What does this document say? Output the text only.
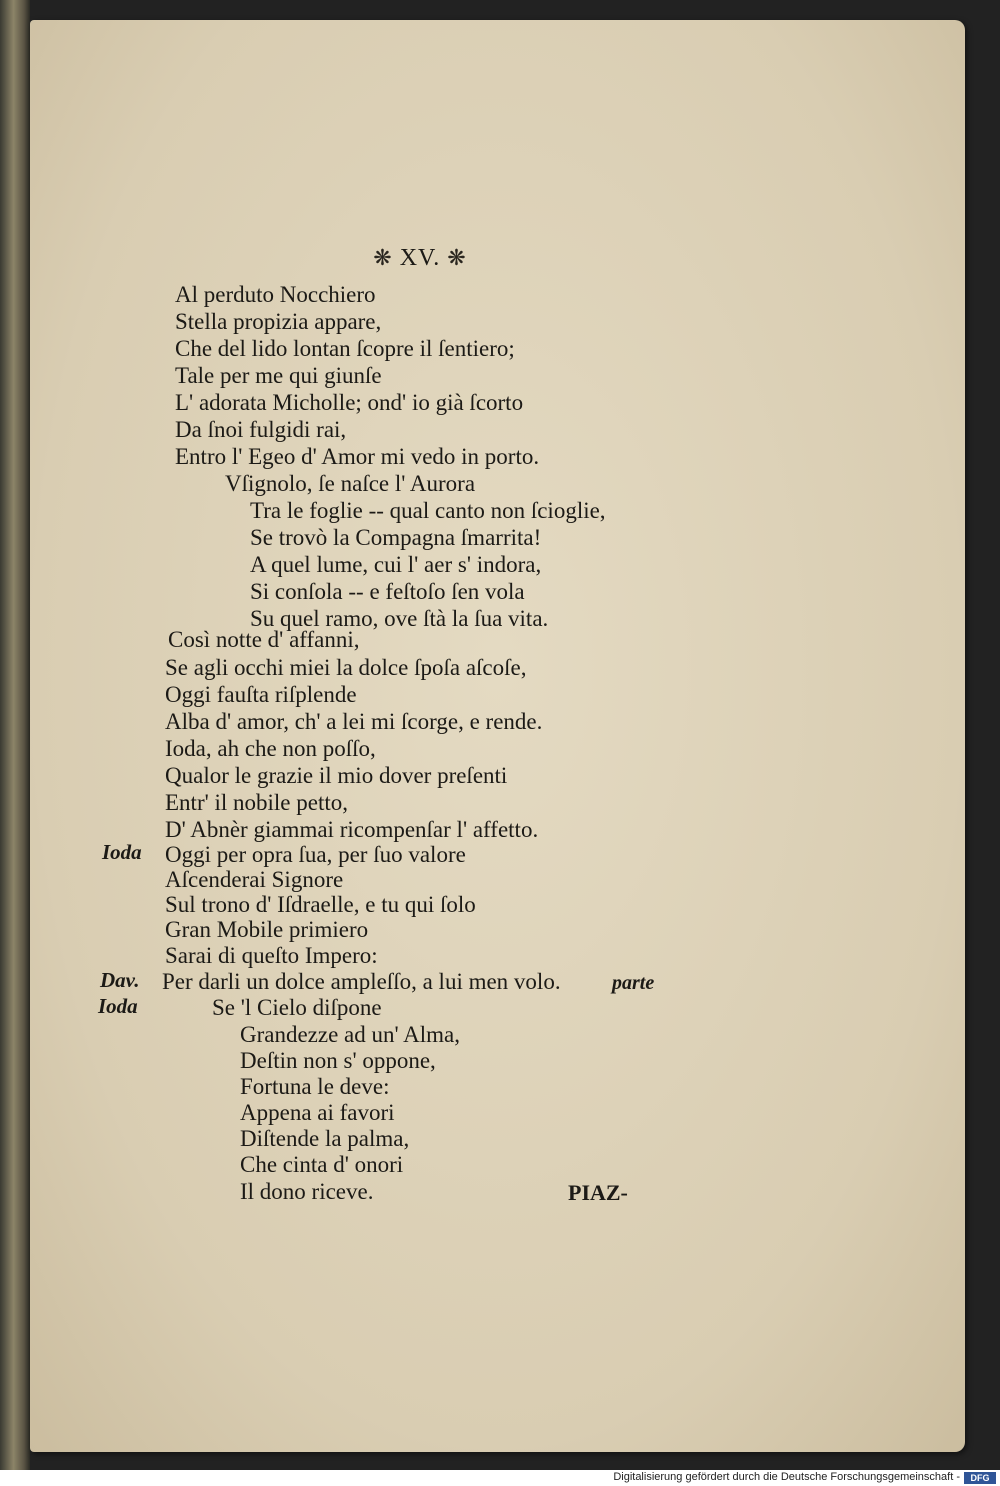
❋ XV. ❋
Al perduto Nocchiero
Stella propizia appare,
Che del lido lontan ſcopre il ſentiero;
Tale per me qui giunſe
L' adorata Micholle; ond' io già ſcorto
Da ſnoi fulgidi rai,
Entro l' Egeo d' Amor mi vedo in porto.
Vſignolo, ſe naſce l' Aurora
Tra le foglie -- qual canto non ſcioglie,
Se trovò la Compagna ſmarrita!
A quel lume, cui l' aer s' indora,
Si conſola -- e feſtoſo ſen vola
Su quel ramo, ove ſtà la ſua vita.
Così notte d' affanni,
Se agli occhi miei la dolce ſpoſa aſcoſe,
Oggi fauſta riſplende
Alba d' amor, ch' a lei mi ſcorge, e rende.
Ioda, ah che non poſſo,
Qualor le grazie il mio dover preſenti
Entr' il nobile petto,
D' Abnèr giammai ricompenſar l' affetto.
Ioda Oggi per opra ſua, per ſuo valore
Aſcenderai Signore
Sul trono d' Iſdraelle, e tu qui ſolo
Gran Mobile primiero
Sarai di queſto Impero:
Dav. Per darli un dolce ampleſſo, a lui men volo.	parte
Ioda	Se 'l Cielo diſpone
Grandezze ad un' Alma,
Deſtin non s' oppone,
Fortuna le deve:
Appena ai favori
Diſtende la palma,
Che cinta d' onori
Il dono riceve.	PIAZ-
Digitalisierung gefördert durch die Deutsche Forschungsgemeinschaft -	DFG
